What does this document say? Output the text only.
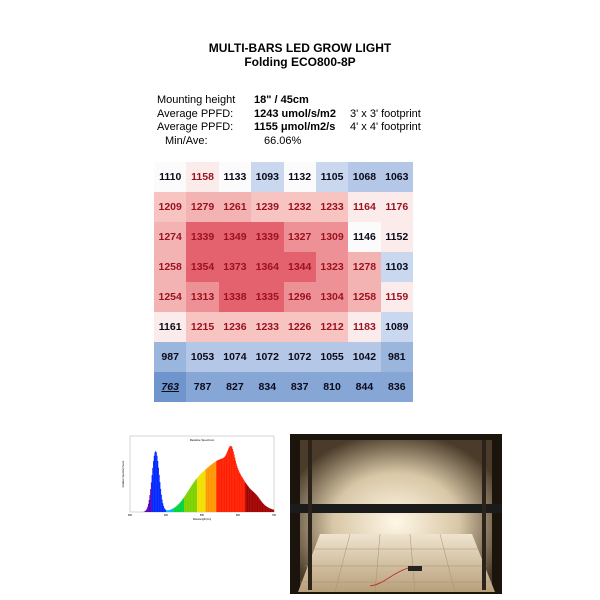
MULTI-BARS LED GROW LIGHT
Folding ECO800-8P
Mounting height 18" / 45cm
Average PPFD: 1243 umol/s/m2 3' x 3' footprint
Average PPFD: 1155 μmol/m2/s 4' x 4' footprint
Min/Ave:	66.06%
1110 1158 1133 1093 1132 1105 1068 1063
1209 1279 1261 1239 1232 1233 1164 1176
1274 1339 1349 1339 1327 1309 1146 1152
1258 1354 1373 1364 1344 1323 1278 1103
1254 1313 1338 1335 1296 1304 1258 1159
1161 1215 1236 1233 1226 1212 1183 1089
987	1053 1074 1072 1072 1055 1042	981
763	787	827	834	837	810	844	836
Relative Spectrum
Relative Spectral Power
Wavelength(nm)
380	480	580	680	780
